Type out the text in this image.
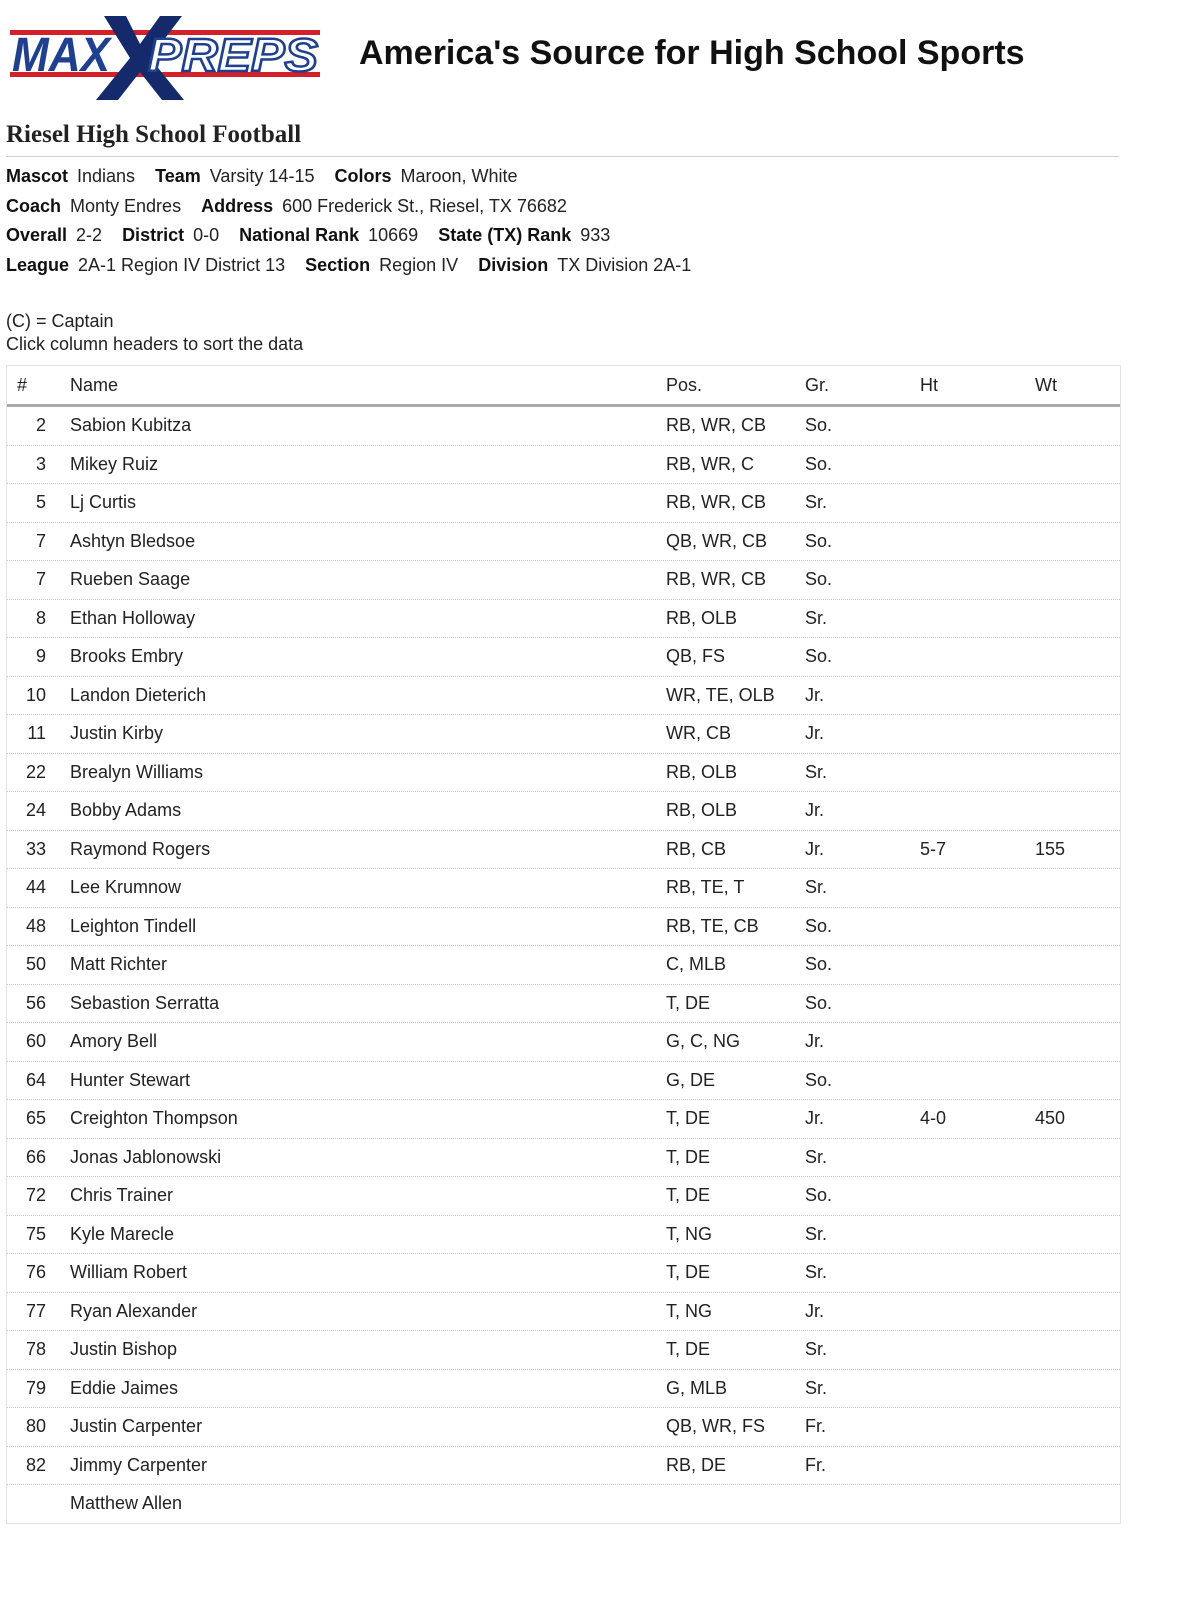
MAX PREPS America's Source for High School Sports
Riesel High School Football
Mascot Indians Team Varsity 14-15 Colors Maroon, White
Coach Monty Endres Address 600 Frederick St., Riesel, TX 76682
Overall 2-2 District 0-0 National Rank 10669 State (TX) Rank 933
League 2A-1 Region IV District 13 Section Region IV Division TX Division 2A-1
(C) = Captain
Click column headers to sort the data
# Name	Pos.	Gr.	Ht	Wt
2 Sabion Kubitza	RB, WR, CB So.
3 Mikey Ruiz	RB, WR, C	So.
5 Lj Curtis	RB, WR, CB Sr.
7 Ashtyn Bledsoe	QB, WR, CB So.
7 Rueben Saage	RB, WR, CB So.
8 Ethan Holloway	RB, OLB	Sr.
9 Brooks Embry	QB, FS	So.
10 Landon Dieterich	WR, TE, OLB Jr.
11 Justin Kirby	WR, CB	Jr.
22 Brealyn Williams	RB, OLB	Sr.
24 Bobby Adams	RB, OLB	Jr.
33 Raymond Rogers	RB, CB	Jr.	5-7	155
44 Lee Krumnow	RB, TE, T	Sr.
48 Leighton Tindell	RB, TE, CB	So.
50 Matt Richter	C, MLB	So.
56 Sebastion Serratta	T, DE	So.
60 Amory Bell	G, C, NG	Jr.
64 Hunter Stewart	G, DE	So.
65 Creighton Thompson	T, DE	Jr.	4-0	450
66 Jonas Jablonowski	T, DE	Sr.
72 Chris Trainer	T, DE	So.
75 Kyle Marecle	T, NG	Sr.
76 William Robert	T, DE	Sr.
77 Ryan Alexander	T, NG	Jr.
78 Justin Bishop	T, DE	Sr.
79 Eddie Jaimes	G, MLB	Sr.
80 Justin Carpenter	QB, WR, FS Fr.
82 Jimmy Carpenter	RB, DE	Fr.
Matthew Allen
